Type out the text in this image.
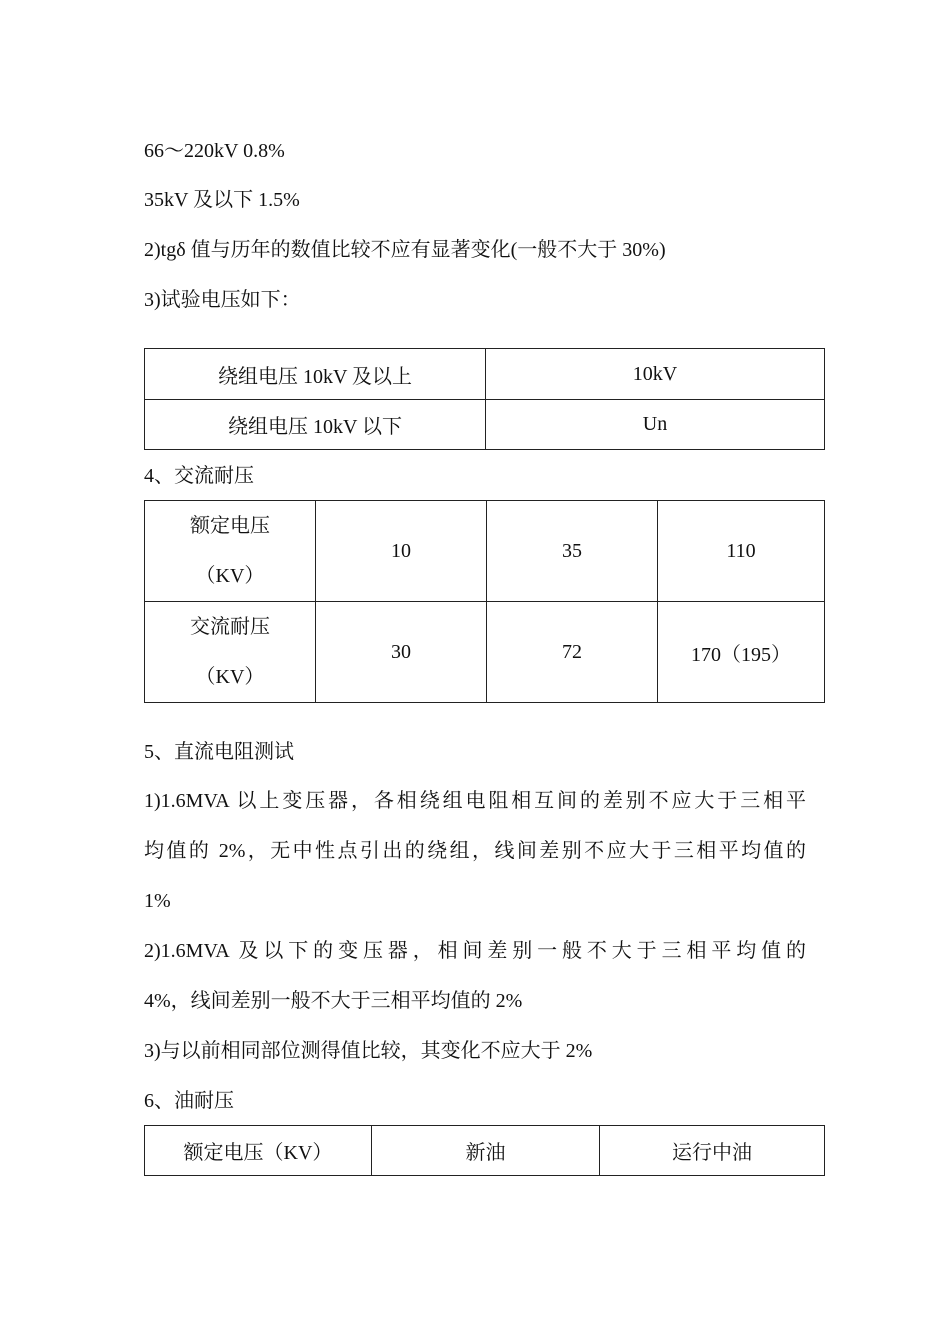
66～220kV 0.8%
35kV 及以下 1.5%
2)tgδ 值与历年的数值比较不应有显著变化(一般不大于 30%)
3)试验电压如下：
绕组电压 10kV 及以上	10kV
绕组电压 10kV 以下	Un
4、交流耐压
额定电压
（KV）	10	35	110

交流耐压
（KV）	30	72	170（195）
5、直流电阻测试
1)1.6MVA 以上变压器，各相绕组电阻相互间的差别不应大于三相平
均值的 2%，无中性点引出的绕组，线间差别不应大于三相平均值的
1%
2)1.6MVA 及以下的变压器，相间差别一般不大于三相平均值的
4%，线间差别一般不大于三相平均值的 2%
3)与以前相同部位测得值比较，其变化不应大于 2%
6、油耐压
额定电压（KV）	新油	运行中油
